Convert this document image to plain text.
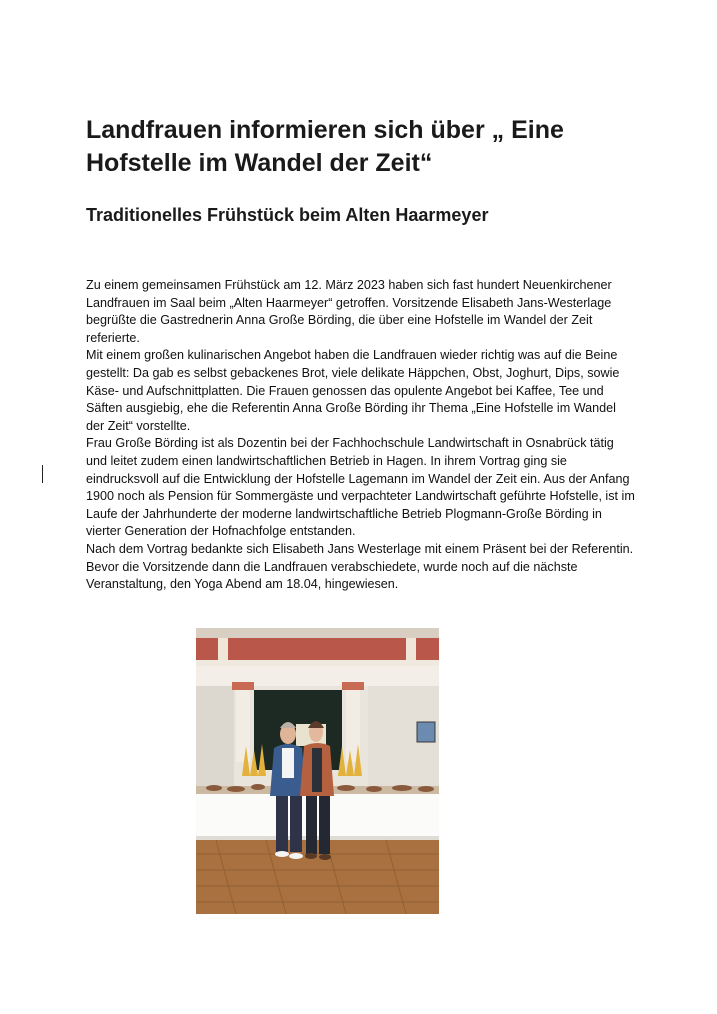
Landfrauen informieren sich über „ Eine Hofstelle im Wandel der Zeit“
Traditionelles Frühstück beim Alten Haarmeyer

Zu einem gemeinsamen Frühstück am 12. März 2023 haben sich fast hundert Neuenkirchener Landfrauen im Saal beim „Alten Haarmeyer“ getroffen. Vorsitzende Elisabeth Jans-Westerlage begrüßte die Gastrednerin Anna Große Börding, die über eine Hofstelle im Wandel der Zeit referierte.

Mit einem großen kulinarischen Angebot haben die Landfrauen wieder richtig was auf die Beine gestellt: Da gab es selbst gebackenes Brot, viele delikate Häppchen, Obst, Joghurt, Dips, sowie Käse- und Aufschnittplatten. Die Frauen genossen das opulente Angebot bei Kaffee, Tee und Säften ausgiebig, ehe die Referentin Anna Große Börding ihr Thema „Eine Hofstelle im Wandel der Zeit“ vorstellte.

Frau Große Börding ist als Dozentin bei der Fachhochschule Landwirtschaft in Osnabrück tätig und leitet zudem einen landwirtschaftlichen Betrieb in Hagen. In ihrem Vortrag ging sie eindrucksvoll auf die Entwicklung der Hofstelle Lagemann im Wandel der Zeit ein. Aus der Anfang 1900 noch als Pension für Sommergäste und verpachteter Landwirtschaft geführte Hofstelle, ist im Laufe der Jahrhunderte der moderne landwirtschaftliche Betrieb Plogmann-Große Börding in vierter Generation der Hofnachfolge entstanden.

Nach dem Vortrag bedankte sich Elisabeth Jans Westerlage mit einem Präsent bei der Referentin. Bevor die Vorsitzende dann die Landfrauen verabschiedete, wurde noch auf die nächste Veranstaltung, den Yoga Abend am 18.04, hingewiesen.
